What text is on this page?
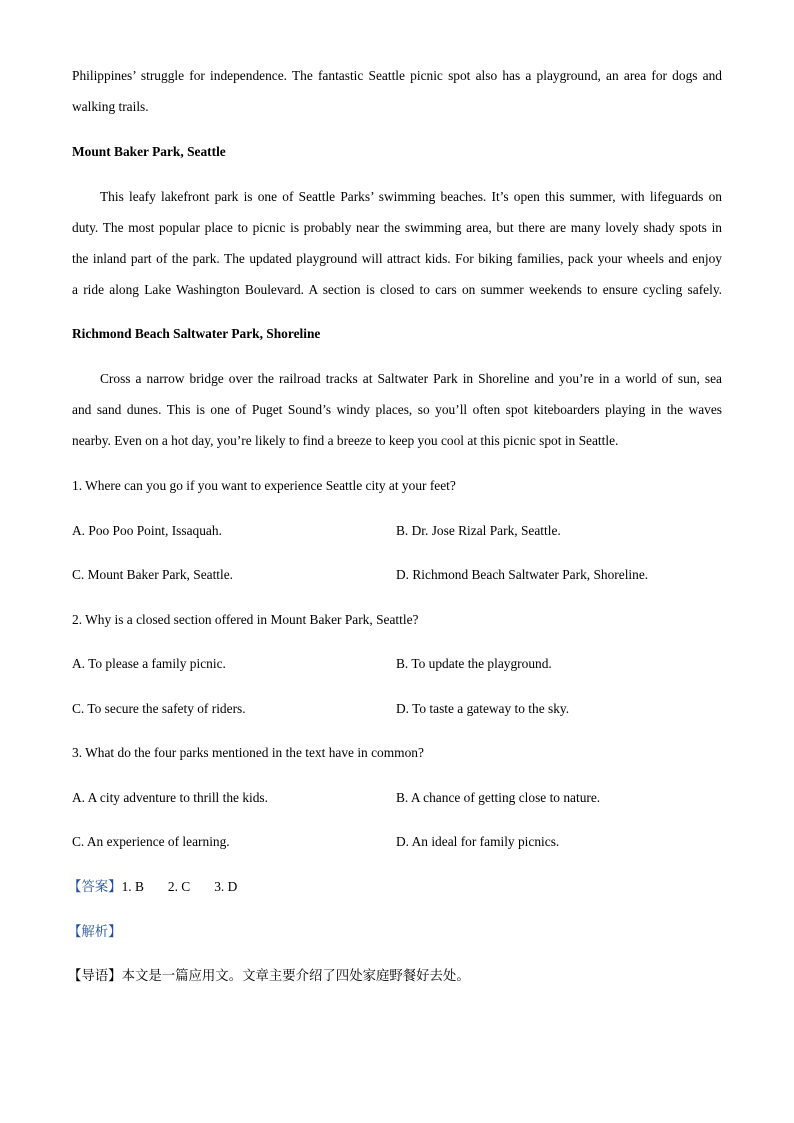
Philippines’ struggle for independence. The fantastic Seattle picnic spot also has a playground, an area for dogs and
walking trails.
Mount Baker Park, Seattle
This leafy lakefront park is one of Seattle Parks’ swimming beaches. It’s open this summer, with lifeguards on
duty. The most popular place to picnic is probably near the swimming area, but there are many lovely shady spots in
the inland part of the park. The updated playground will attract kids. For biking families, pack your wheels and enjoy
a ride along Lake Washington Boulevard. A section is closed to cars on summer weekends to ensure cycling safely.
Richmond Beach Saltwater Park, Shoreline
Cross a narrow bridge over the railroad tracks at Saltwater Park in Shoreline and you’re in a world of sun, sea
and sand dunes. This is one of Puget Sound’s windy places, so you’ll often spot kiteboarders playing in the waves
nearby. Even on a hot day, you’re likely to find a breeze to keep you cool at this picnic spot in Seattle.
1. Where can you go if you want to experience Seattle city at your feet?
A. Poo Poo Point, Issaquah.	B. Dr. Jose Rizal Park, Seattle.
C. Mount Baker Park, Seattle.	D. Richmond Beach Saltwater Park, Shoreline.
2. Why is a closed section offered in Mount Baker Park, Seattle?
A. To please a family picnic.	B. To update the playground.
C. To secure the safety of riders.	D. To taste a gateway to the sky.
3. What do the four parks mentioned in the text have in common?
A. A city adventure to thrill the kids.	B. A chance of getting close to nature.
C. An experience of learning.	D. An ideal for family picnics.
【答案】1. B 2. C 3. D
【解析】
【导语】本文是一篇应用文。文章主要介绍了四处家庭野餐好去处。
